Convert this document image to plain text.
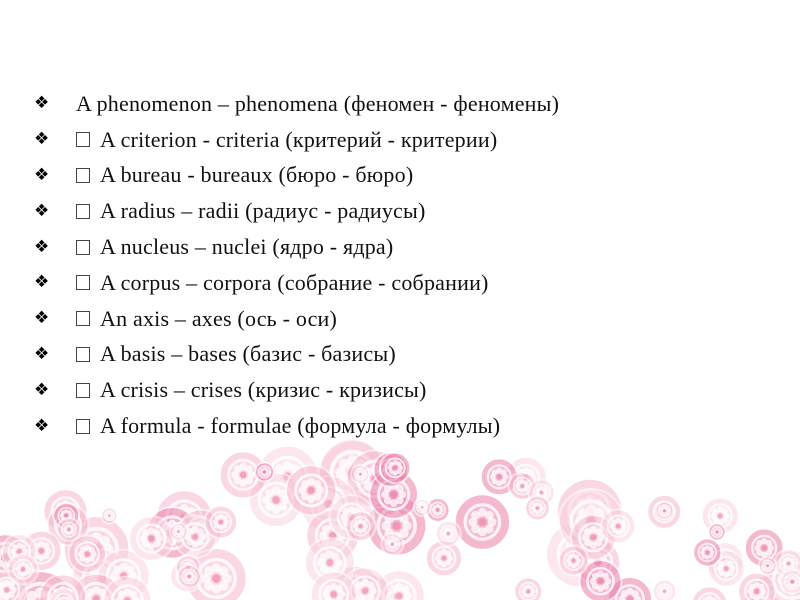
❖	A phenomenon – phenomena (феномен - феномены)
❖	A criterion - criteria (критерий - критерии)
❖	A bureau - bureaux (бюро - бюро)
❖	A radius – radii (радиус - радиусы)
❖	A nucleus – nuclei (ядро - ядра)
❖	A corpus – corpora (собрание - собрании)
❖	An axis – axes (ось - оси)
❖	A basis – bases (базис - базисы)
❖	A crisis – crises (кризис - кризисы)
❖	A formula - formulae (формула - формулы)
